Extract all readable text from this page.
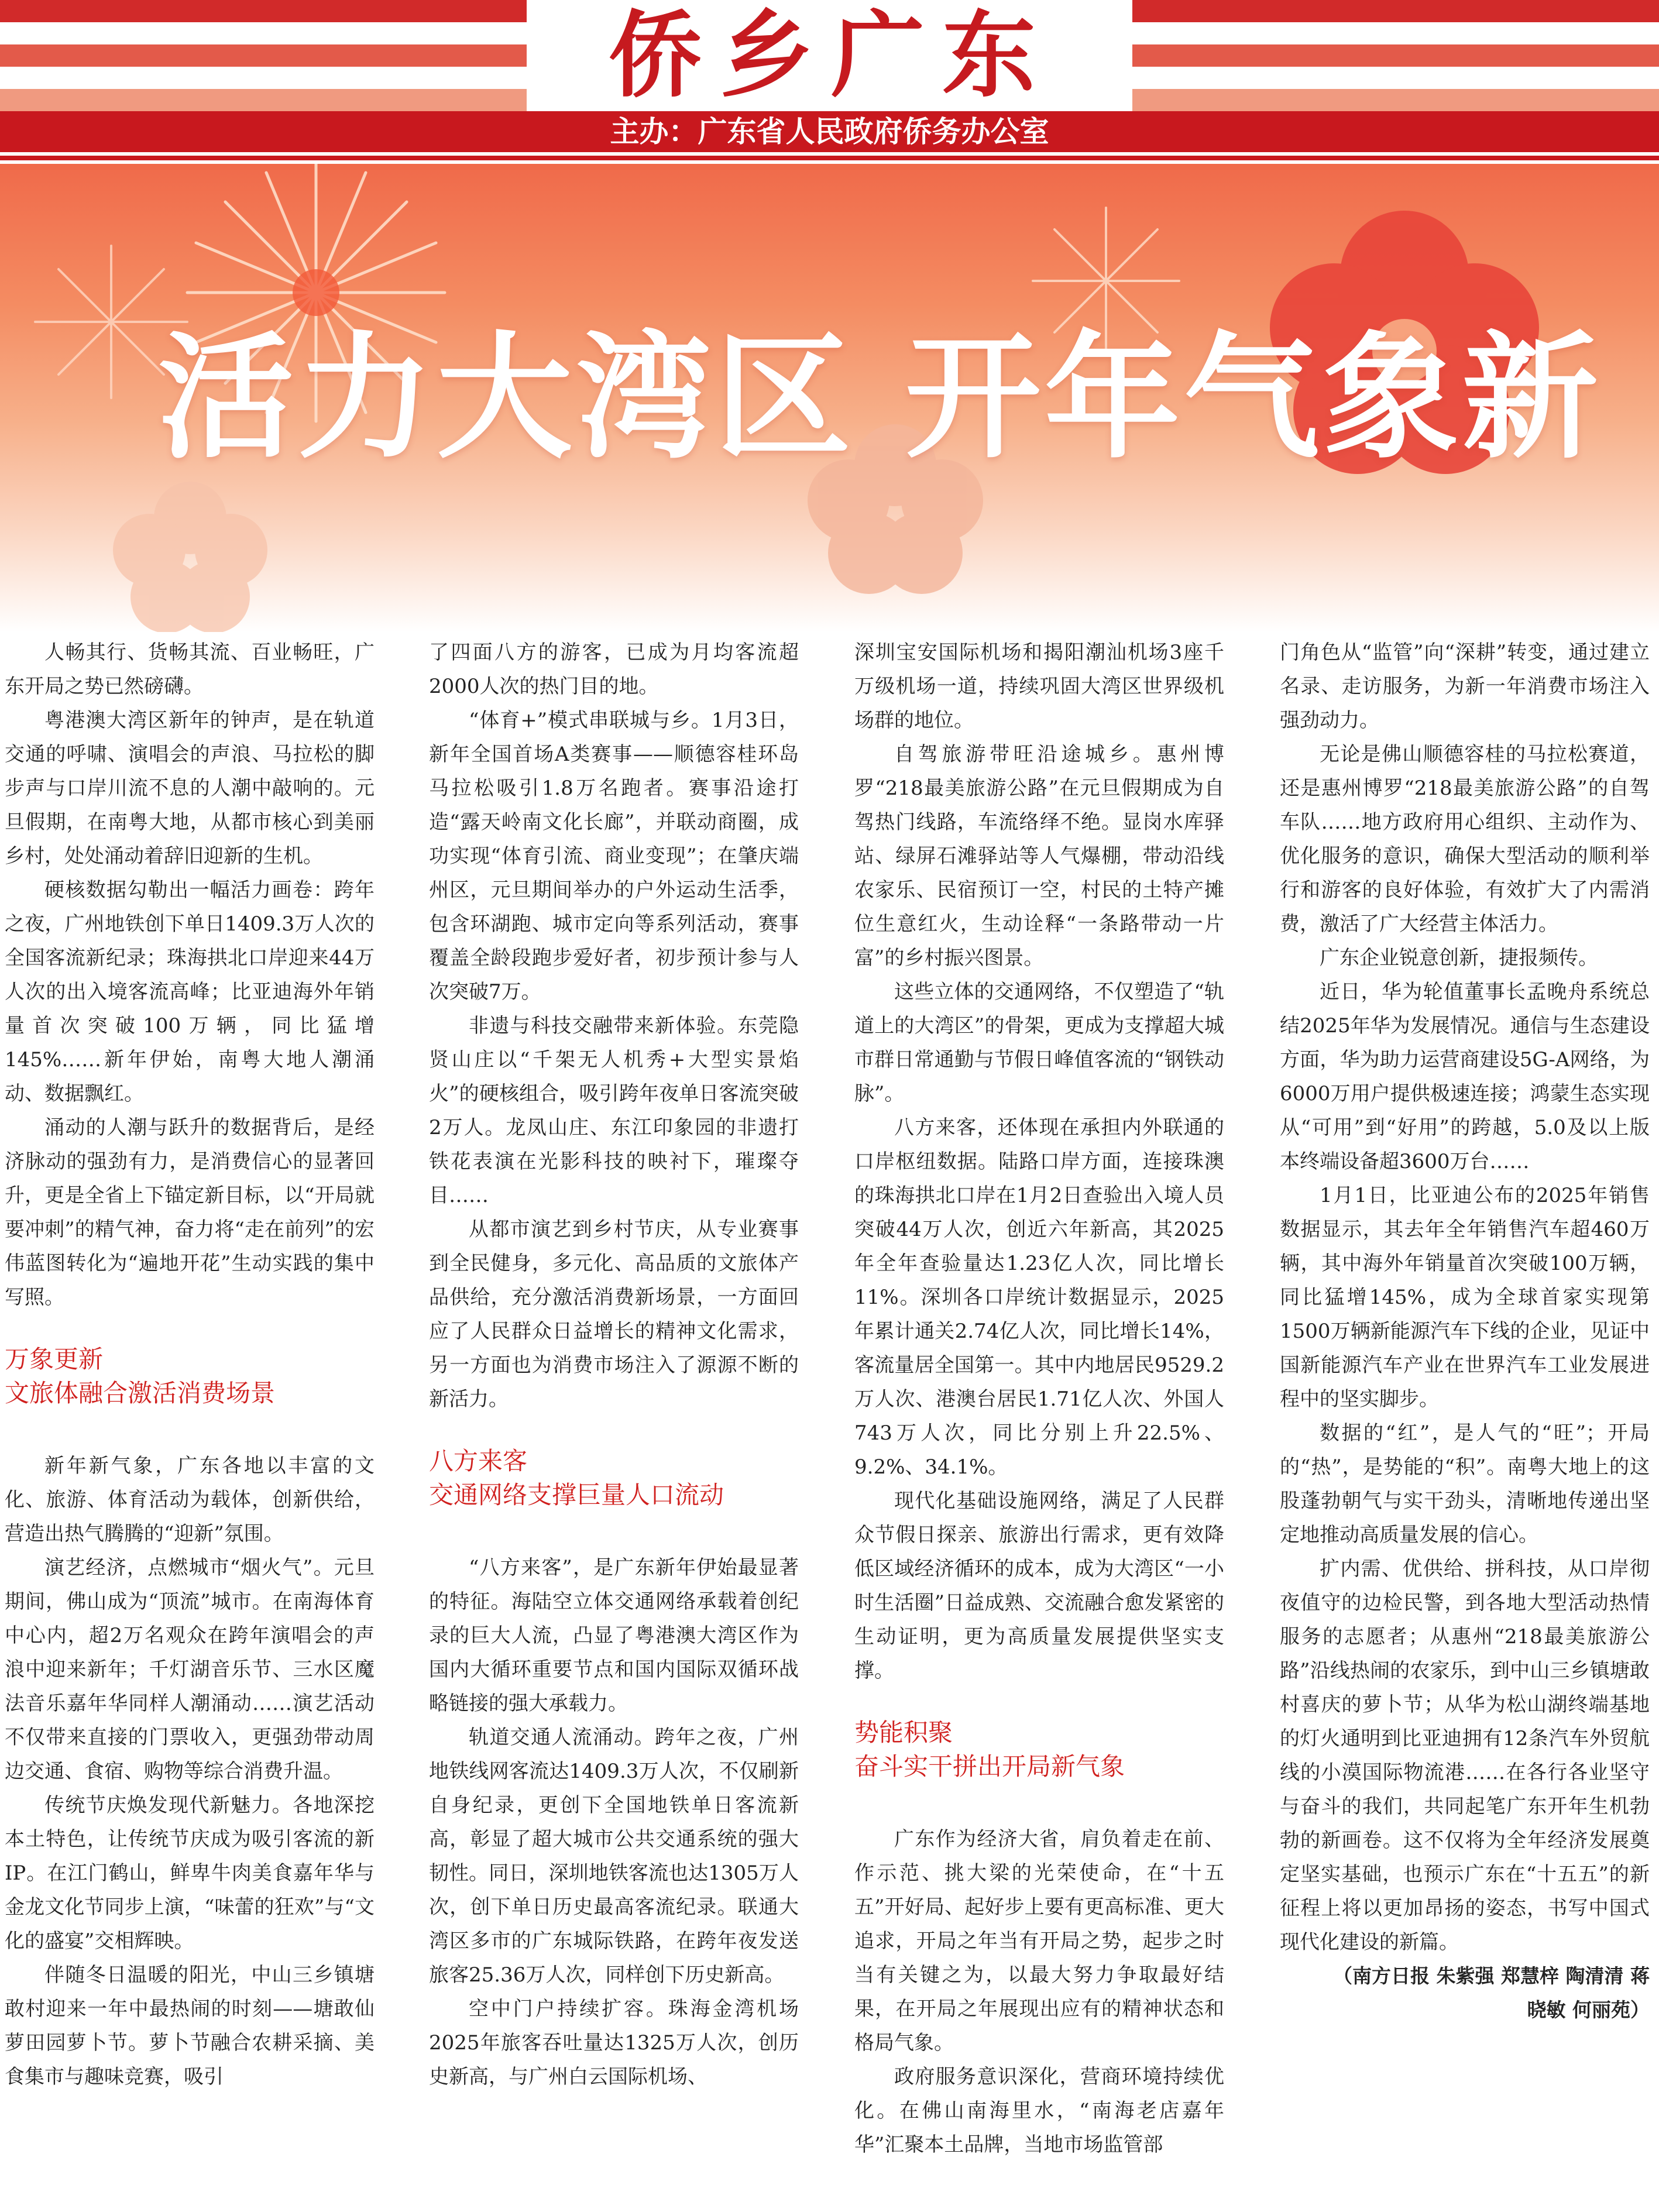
侨乡广东
主办：广东省人民政府侨务办公室
活力大湾区 开年气象新

人畅其行、货畅其流、百业畅旺，广东开局之势已然磅礴。

粤港澳大湾区新年的钟声，是在轨道交通的呼啸、演唱会的声浪、马拉松的脚步声与口岸川流不息的人潮中敲响的。元旦假期，在南粤大地，从都市核心到美丽乡村，处处涌动着辞旧迎新的生机。

硬核数据勾勒出一幅活力画卷：跨年之夜，广州地铁创下单日1409.3万人次的全国客流新纪录；珠海拱北口岸迎来44万人次的出入境客流高峰；比亚迪海外年销量首次突破100万辆，同比猛增145%……新年伊始，南粤大地人潮涌动、数据飘红。

涌动的人潮与跃升的数据背后，是经济脉动的强劲有力，是消费信心的显著回升，更是全省上下锚定新目标，以“开局就要冲刺”的精气神，奋力将“走在前列”的宏伟蓝图转化为“遍地开花”生动实践的集中写照。

万象更新

文旅体融合激活消费场景

新年新气象，广东各地以丰富的文化、旅游、体育活动为载体，创新供给，营造出热气腾腾的“迎新”氛围。

演艺经济，点燃城市“烟火气”。元旦期间，佛山成为“顶流”城市。在南海体育中心内，超2万名观众在跨年演唱会的声浪中迎来新年；千灯湖音乐节、三水区魔法音乐嘉年华同样人潮涌动……演艺活动不仅带来直接的门票收入，更强劲带动周边交通、食宿、购物等综合消费升温。

传统节庆焕发现代新魅力。各地深挖本土特色，让传统节庆成为吸引客流的新IP。在江门鹤山，鲜卑牛肉美食嘉年华与金龙文化节同步上演，“味蕾的狂欢”与“文化的盛宴”交相辉映。

伴随冬日温暖的阳光，中山三乡镇塘敢村迎来一年中最热闹的时刻——塘敢仙萝田园萝卜节。萝卜节融合农耕采摘、美食集市与趣味竞赛，吸引

了四面八方的游客，已成为月均客流超2000人次的热门目的地。

“体育+”模式串联城与乡。1月3日，新年全国首场A类赛事——顺德容桂环岛马拉松吸引1.8万名跑者。赛事沿途打造“露天岭南文化长廊”，并联动商圈，成功实现“体育引流、商业变现”；在肇庆端州区，元旦期间举办的户外运动生活季，包含环湖跑、城市定向等系列活动，赛事覆盖全龄段跑步爱好者，初步预计参与人次突破7万。

非遗与科技交融带来新体验。东莞隐贤山庄以“千架无人机秀+大型实景焰火”的硬核组合，吸引跨年夜单日客流突破2万人。龙凤山庄、东江印象园的非遗打铁花表演在光影科技的映衬下，璀璨夺目……

从都市演艺到乡村节庆，从专业赛事到全民健身，多元化、高品质的文旅体产品供给，充分激活消费新场景，一方面回应了人民群众日益增长的精神文化需求，另一方面也为消费市场注入了源源不断的新活力。

八方来客

交通网络支撑巨量人口流动

“八方来客”，是广东新年伊始最显著的特征。海陆空立体交通网络承载着创纪录的巨大人流，凸显了粤港澳大湾区作为国内大循环重要节点和国内国际双循环战略链接的强大承载力。

轨道交通人流涌动。跨年之夜，广州地铁线网客流达1409.3万人次，不仅刷新自身纪录，更创下全国地铁单日客流新高，彰显了超大城市公共交通系统的强大韧性。同日，深圳地铁客流也达1305万人次，创下单日历史最高客流纪录。联通大湾区多市的广东城际铁路，在跨年夜发送旅客25.36万人次，同样创下历史新高。

空中门户持续扩容。珠海金湾机场2025年旅客吞吐量达1325万人次，创历史新高，与广州白云国际机场、

深圳宝安国际机场和揭阳潮汕机场3座千万级机场一道，持续巩固大湾区世界级机场群的地位。

自驾旅游带旺沿途城乡。惠州博罗“218最美旅游公路”在元旦假期成为自驾热门线路，车流络绎不绝。显岗水库驿站、绿屏石滩驿站等人气爆棚，带动沿线农家乐、民宿预订一空，村民的土特产摊位生意红火，生动诠释“一条路带动一片富”的乡村振兴图景。

这些立体的交通网络，不仅塑造了“轨道上的大湾区”的骨架，更成为支撑超大城市群日常通勤与节假日峰值客流的“钢铁动脉”。

八方来客，还体现在承担内外联通的口岸枢纽数据。陆路口岸方面，连接珠澳的珠海拱北口岸在1月2日查验出入境人员突破44万人次，创近六年新高，其2025年全年查验量达1.23亿人次，同比增长11%。深圳各口岸统计数据显示，2025年累计通关2.74亿人次，同比增长14%，客流量居全国第一。其中内地居民9529.2万人次、港澳台居民1.71亿人次、外国人743万人次，同比分别上升22.5%、9.2%、34.1%。

现代化基础设施网络，满足了人民群众节假日探亲、旅游出行需求，更有效降低区域经济循环的成本，成为大湾区“一小时生活圈”日益成熟、交流融合愈发紧密的生动证明，更为高质量发展提供坚实支撑。

势能积聚

奋斗实干拼出开局新气象

广东作为经济大省，肩负着走在前、作示范、挑大梁的光荣使命，在“十五五”开好局、起好步上要有更高标准、更大追求，开局之年当有开局之势，起步之时当有关键之为，以最大努力争取最好结果，在开局之年展现出应有的精神状态和格局气象。

政府服务意识深化，营商环境持续优化。在佛山南海里水，“南海老店嘉年华”汇聚本土品牌，当地市场监管部

门角色从“监管”向“深耕”转变，通过建立名录、走访服务，为新一年消费市场注入强劲动力。

无论是佛山顺德容桂的马拉松赛道，还是惠州博罗“218最美旅游公路”的自驾车队……地方政府用心组织、主动作为、优化服务的意识，确保大型活动的顺利举行和游客的良好体验，有效扩大了内需消费，激活了广大经营主体活力。

广东企业锐意创新，捷报频传。

近日，华为轮值董事长孟晚舟系统总结2025年华为发展情况。通信与生态建设方面，华为助力运营商建设5G-A网络，为6000万用户提供极速连接；鸿蒙生态实现从“可用”到“好用”的跨越，5.0及以上版本终端设备超3600万台……

1月1日，比亚迪公布的2025年销售数据显示，其去年全年销售汽车超460万辆，其中海外年销量首次突破100万辆，同比猛增145%，成为全球首家实现第1500万辆新能源汽车下线的企业，见证中国新能源汽车产业在世界汽车工业发展进程中的坚实脚步。

数据的“红”，是人气的“旺”；开局的“热”，是势能的“积”。南粤大地上的这股蓬勃朝气与实干劲头，清晰地传递出坚定地推动高质量发展的信心。

扩内需、优供给、拼科技，从口岸彻夜值守的边检民警，到各地大型活动热情服务的志愿者；从惠州“218最美旅游公路”沿线热闹的农家乐，到中山三乡镇塘敢村喜庆的萝卜节；从华为松山湖终端基地的灯火通明到比亚迪拥有12条汽车外贸航线的小漠国际物流港……在各行各业坚守与奋斗的我们，共同起笔广东开年生机勃勃的新画卷。这不仅将为全年经济发展奠定坚实基础，也预示广东在“十五五”的新征程上将以更加昂扬的姿态，书写中国式现代化建设的新篇。

（南方日报 朱紫强 郑慧梓 陶清清 蒋晓敏 何丽苑）
